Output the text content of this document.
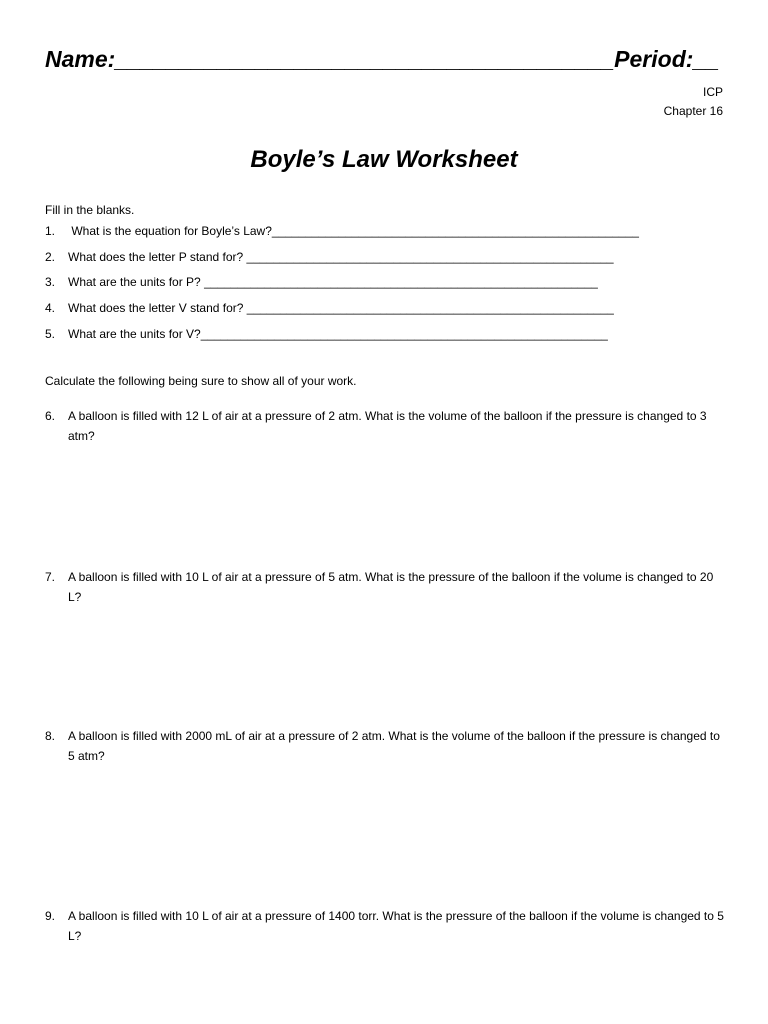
Name:_______________________________________Period:__
ICP
Chapter 16
Boyle’s Law Worksheet
Fill in the blanks.
1. What is the equation for Boyle’s Law?_______________________________________________________
2. What does the letter P stand for? _______________________________________________________
3. What are the units for P? ___________________________________________________________
4. What does the letter V stand for? _______________________________________________________
5. What are the units for V?_____________________________________________________________
Calculate the following being sure to show all of your work.
6. A balloon is filled with 12 L of air at a pressure of 2 atm. What is the volume of the balloon if the pressure is changed to 3 atm?
7. A balloon is filled with 10 L of air at a pressure of 5 atm. What is the pressure of the balloon if the volume is changed to 20 L?
8. A balloon is filled with 2000 mL of air at a pressure of 2 atm. What is the volume of the balloon if the pressure is changed to 5 atm?
9. A balloon is filled with 10 L of air at a pressure of 1400 torr. What is the pressure of the balloon if the volume is changed to 5 L?
